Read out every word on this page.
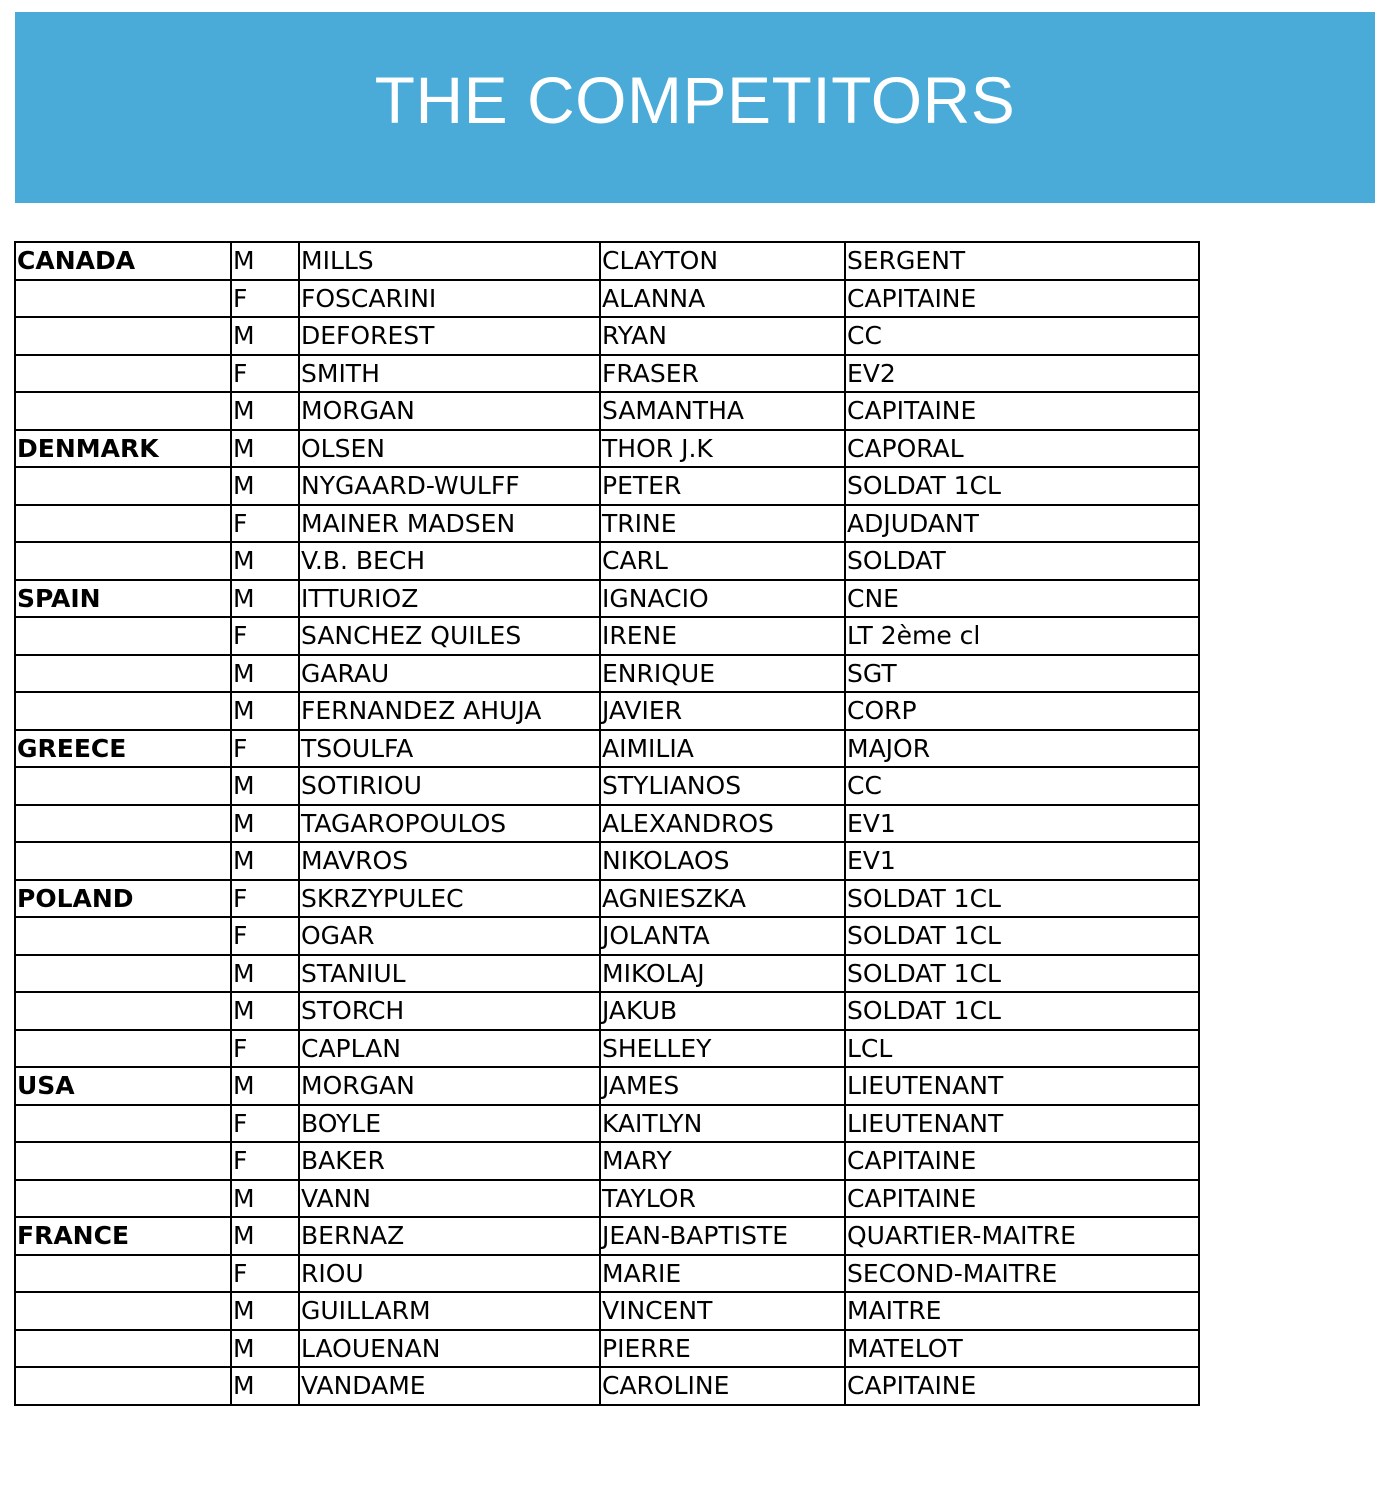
THE COMPETITORS
CANADA	M	MILLS	CLAYTON	SERGENT
	F	FOSCARINI	ALANNA	CAPITAINE
	M	DEFOREST	RYAN	CC
	F	SMITH	FRASER	EV2
	M	MORGAN	SAMANTHA	CAPITAINE
DENMARK	M	OLSEN	THOR J.K	CAPORAL
	M	NYGAARD-WULFF	PETER	SOLDAT 1CL
	F	MAINER MADSEN	TRINE	ADJUDANT
	M	V.B. BECH	CARL	SOLDAT
SPAIN	M	ITTURIOZ	IGNACIO	CNE
	F	SANCHEZ QUILES	IRENE	LT 2ème cl
	M	GARAU	ENRIQUE	SGT
	M	FERNANDEZ AHUJA	JAVIER	CORP
GREECE	F	TSOULFA	AIMILIA	MAJOR
	M	SOTIRIOU	STYLIANOS	CC
	M	TAGAROPOULOS	ALEXANDROS	EV1
	M	MAVROS	NIKOLAOS	EV1
POLAND	F	SKRZYPULEC	AGNIESZKA	SOLDAT 1CL
	F	OGAR	JOLANTA	SOLDAT 1CL
	M	STANIUL	MIKOLAJ	SOLDAT 1CL
	M	STORCH	JAKUB	SOLDAT 1CL
	F	CAPLAN	SHELLEY	LCL
USA	M	MORGAN	JAMES	LIEUTENANT
	F	BOYLE	KAITLYN	LIEUTENANT
	F	BAKER	MARY	CAPITAINE
	M	VANN	TAYLOR	CAPITAINE
FRANCE	M	BERNAZ	JEAN-BAPTISTE	QUARTIER-MAITRE
	F	RIOU	MARIE	SECOND-MAITRE
	M	GUILLARM	VINCENT	MAITRE
	M	LAOUENAN	PIERRE	MATELOT
	M	VANDAME	CAROLINE	CAPITAINE
